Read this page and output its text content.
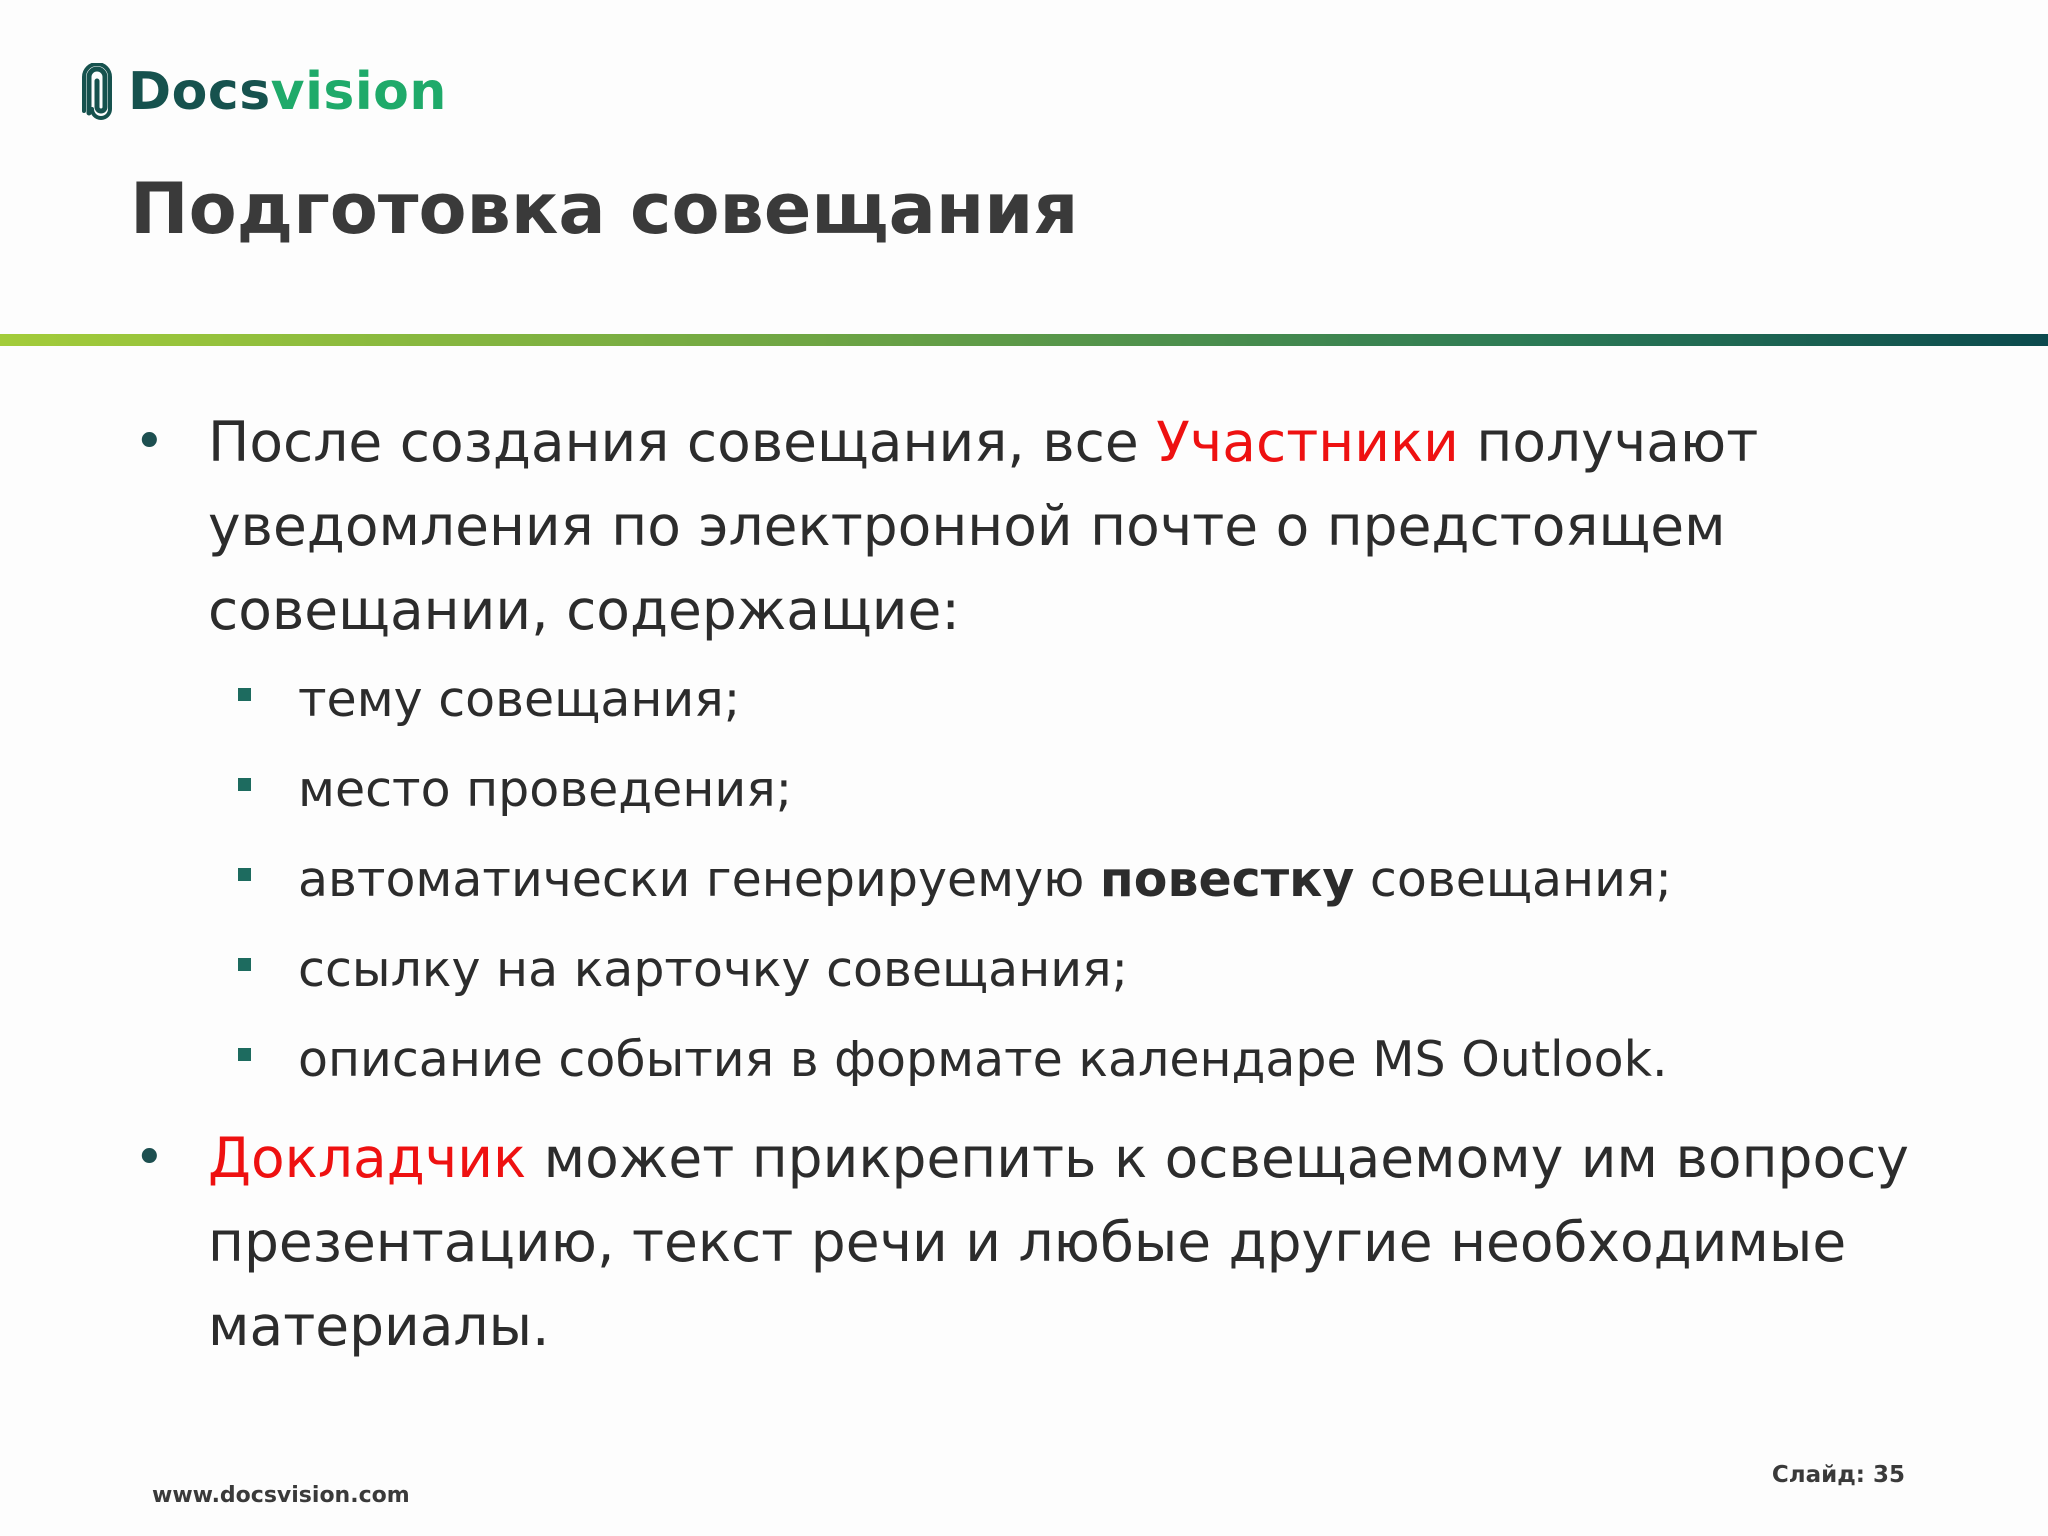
Docsvision
Подготовка совещания
• После создания совещания, все Участники получают уведомления по электронной почте о предстоящем совещании, содержащие:
тему совещания;
место проведения;
автоматически генерируемую повестку совещания;
ссылку на карточку совещания;
описание события в формате календаре MS Outlook.
• Докладчик может прикрепить к освещаемому им вопросу презентацию, текст речи и любые другие необходимые материалы.
Слайд: 35
www.docsvision.com
